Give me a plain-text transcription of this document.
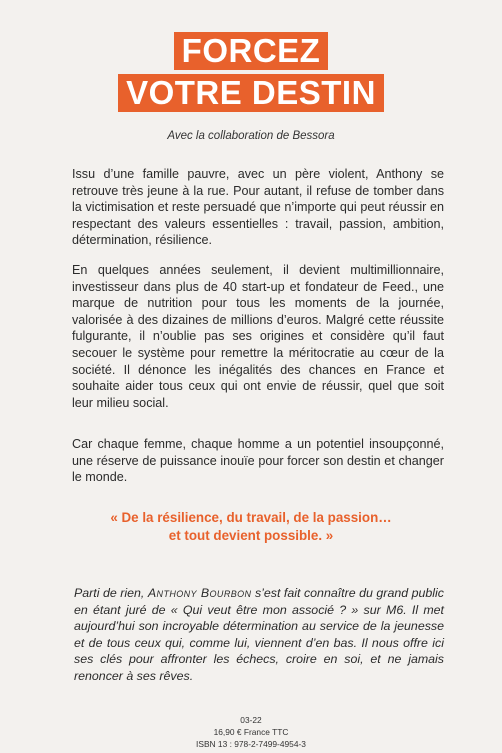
FORCEZ
VOTRE DESTIN
Avec la collaboration de Bessora
Issu d’une famille pauvre, avec un père violent, Anthony se retrouve très jeune à la rue. Pour autant, il refuse de tomber dans la victimisation et reste persuadé que n’importe qui peut réussir en respectant des valeurs essentielles : travail, passion, ambition, détermination, résilience.
En quelques années seulement, il devient multimillionnaire, investisseur dans plus de 40 start-up et fondateur de Feed., une marque de nutrition pour tous les moments de la journée, valorisée à des dizaines de millions d’euros. Malgré cette réussite fulgurante, il n’oublie pas ses origines et considère qu’il faut secouer le système pour remettre la méritocratie au cœur de la société. Il dénonce les inégalités des chances en France et souhaite aider tous ceux qui ont envie de réussir, quel que soit leur milieu social.
Car chaque femme, chaque homme a un potentiel insoupçonné, une réserve de puissance inouïe pour forcer son destin et changer le monde.
« De la résilience, du travail, de la passion…
et tout devient possible. »
Parti de rien, Anthony Bourbon s’est fait connaître du grand public en étant juré de « Qui veut être mon associé ? » sur M6. Il met aujourd’hui son incroyable détermination au service de la jeunesse et de tous ceux qui, comme lui, viennent d’en bas. Il nous offre ici ses clés pour affronter les échecs, croire en soi, et ne jamais renoncer à ses rêves.
03-22
16,90 € France TTC
ISBN 13 : 978-2-7499-4954-3
